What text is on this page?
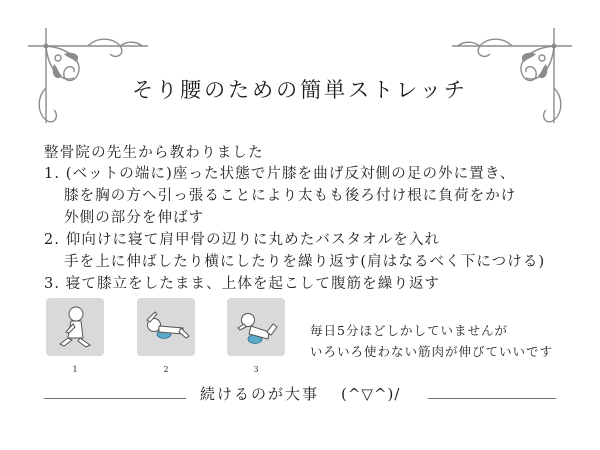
そり腰のための簡単ストレッチ
整骨院の先生から教わりました
1. (ベットの端に)座った状態で片膝を曲げ反対側の足の外に置き、
膝を胸の方へ引っ張ることにより太もも後ろ付け根に負荷をかけ
外側の部分を伸ばす
2. 仰向けに寝て肩甲骨の辺りに丸めたバスタオルを入れ
手を上に伸ばしたり横にしたりを繰り返す(肩はなるべく下につける)
3. 寝て膝立をしたまま、上体を起こして腹筋を繰り返す
1	2	3
毎日5分ほどしかしていませんが
いろいろ使わない筋肉が伸びていいです
続けるのが大事 (^▽^)/
